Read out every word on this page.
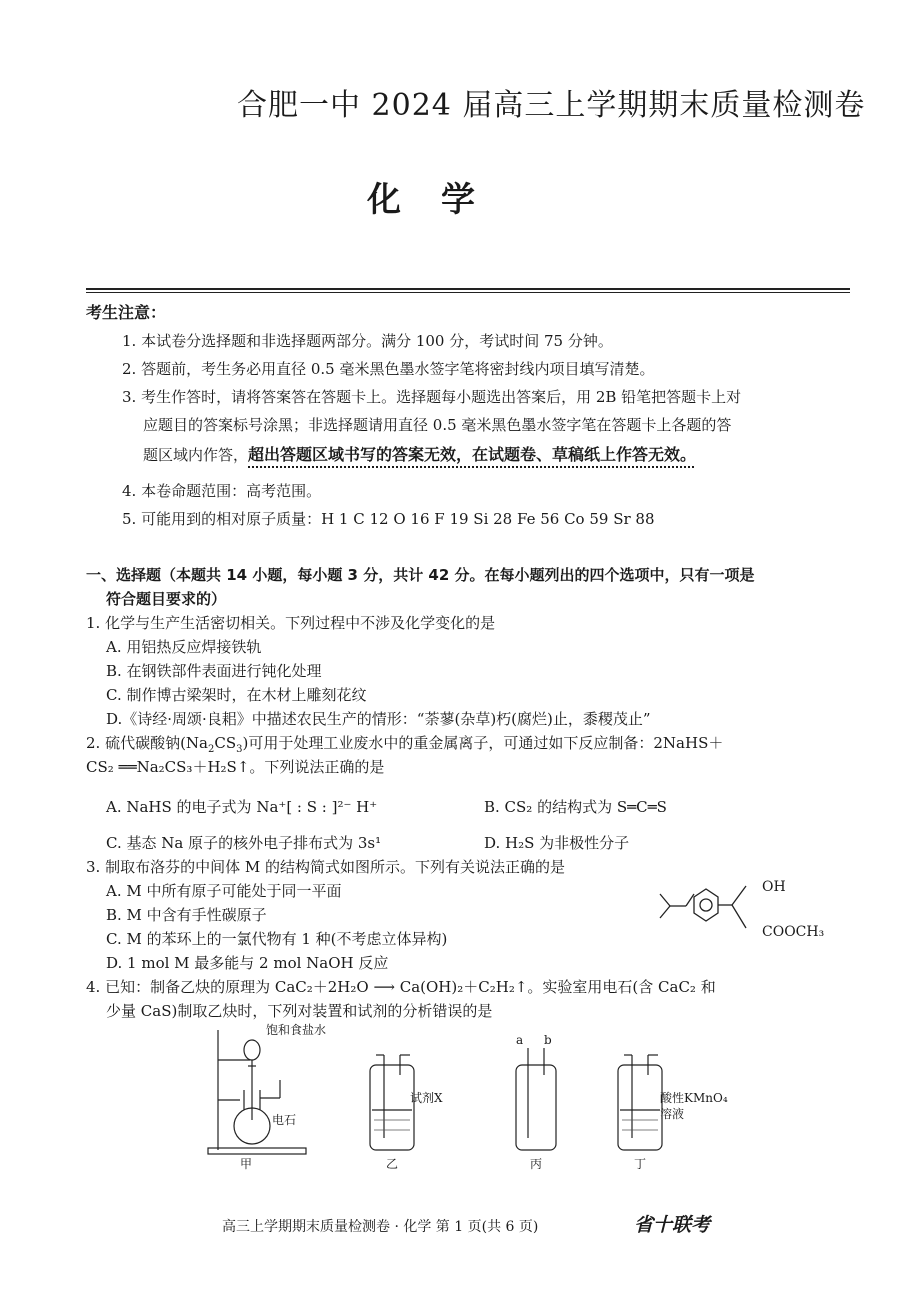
合肥一中 2024 届高三上学期期末质量检测卷
化学
考生注意：
1. 本试卷分选择题和非选择题两部分。满分 100 分，考试时间 75 分钟。
2. 答题前，考生务必用直径 0.5 毫米黑色墨水签字笔将密封线内项目填写清楚。
3. 考生作答时，请将答案答在答题卡上。选择题每小题选出答案后，用 2B 铅笔把答题卡上对
应题目的答案标号涂黑；非选择题请用直径 0.5 毫米黑色墨水签字笔在答题卡上各题的答
题区域内作答，超出答题区域书写的答案无效，在试题卷、草稿纸上作答无效。
4. 本卷命题范围：高考范围。
5. 可能用到的相对原子质量：H 1 C 12 O 16 F 19 Si 28 Fe 56 Co 59 Sr 88
一、选择题（本题共 14 小题，每小题 3 分，共计 42 分。在每小题列出的四个选项中，只有一项是
符合题目要求的）
1. 化学与生产生活密切相关。下列过程中不涉及化学变化的是
A. 用铝热反应焊接铁轨
B. 在钢铁部件表面进行钝化处理
C. 制作博古梁架时，在木材上雕刻花纹
D.《诗经·周颂·良耜》中描述农民生产的情形：“荼蓼(杂草)朽(腐烂)止，黍稷茂止”
2. 硫代碳酸钠$(Na_2CS_3)$可用于处理工业废水中的重金属离子，可通过如下反应制备：2NaHS＋
CS₂ ══Na₂CS₃＋H₂S↑。下列说法正确的是
A. NaHS 的电子式为 Na⁺[ : S : ]²⁻ H⁺	B. CS₂ 的结构式为 S═C═S
C. 基态 Na 原子的核外电子排布式为 3s¹	D. H₂S 为非极性分子
3. 制取布洛芬的中间体 M 的结构简式如图所示。下列有关说法正确的是
A. M 中所有原子可能处于同一平面
B. M 中含有手性碳原子
C. M 的苯环上的一氯代物有 1 种(不考虑立体异构)
D. 1 mol M 最多能与 2 mol NaOH 反应
OH
COOCH₃
4. 已知：制备乙炔的原理为 CaC₂＋2H₂O ⟶ Ca(OH)₂＋C₂H₂↑。实验室用电石(含 CaC₂ 和
少量 CaS)制取乙炔时，下列对装置和试剂的分析错误的是
饱和食盐水
电石
试剂X
a b
酸性KMnO₄
溶液
甲	乙	丙	丁
高三上学期期末质量检测卷 · 化学 第 1 页(共 6 页)	省十联考
